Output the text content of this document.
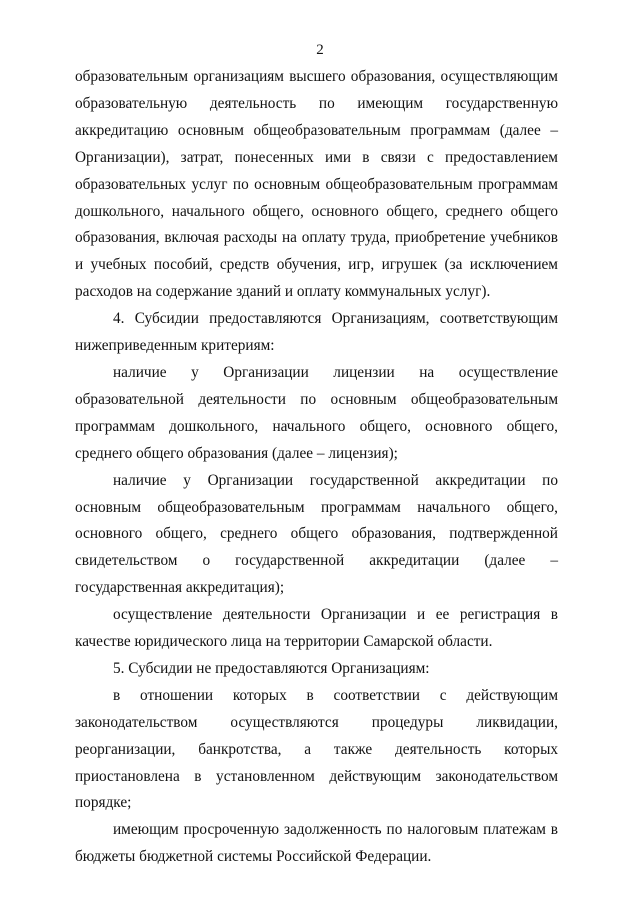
2

образовательным организациям высшего образования, осуществляющим образовательную деятельность по имеющим государственную аккредитацию основным общеобразовательным программам (далее – Организации), затрат, понесенных ими в связи с предоставлением образовательных услуг по основным общеобразовательным программам дошкольного, начального общего, основного общего, среднего общего образования, включая расходы на оплату труда, приобретение учебников и учебных пособий, средств обучения, игр, игрушек (за исключением расходов на содержание зданий и оплату коммунальных услуг).

4. Субсидии предоставляются Организациям, соответствующим нижеприведенным критериям:

наличие у Организации лицензии на осуществление образовательной деятельности по основным общеобразовательным программам дошкольного, начального общего, основного общего, среднего общего образования (далее – лицензия);

наличие у Организации государственной аккредитации по основным общеобразовательным программам начального общего, основного общего, среднего общего образования, подтвержденной свидетельством о государственной аккредитации (далее – государственная аккредитация);

осуществление деятельности Организации и ее регистрация в качестве юридического лица на территории Самарской области.

5. Субсидии не предоставляются Организациям:

в отношении которых в соответствии с действующим законодательством осуществляются процедуры ликвидации, реорганизации, банкротства, а также деятельность которых приостановлена в установленном действующим законодательством порядке;

имеющим просроченную задолженность по налоговым платежам в бюджеты бюджетной системы Российской Федерации.
